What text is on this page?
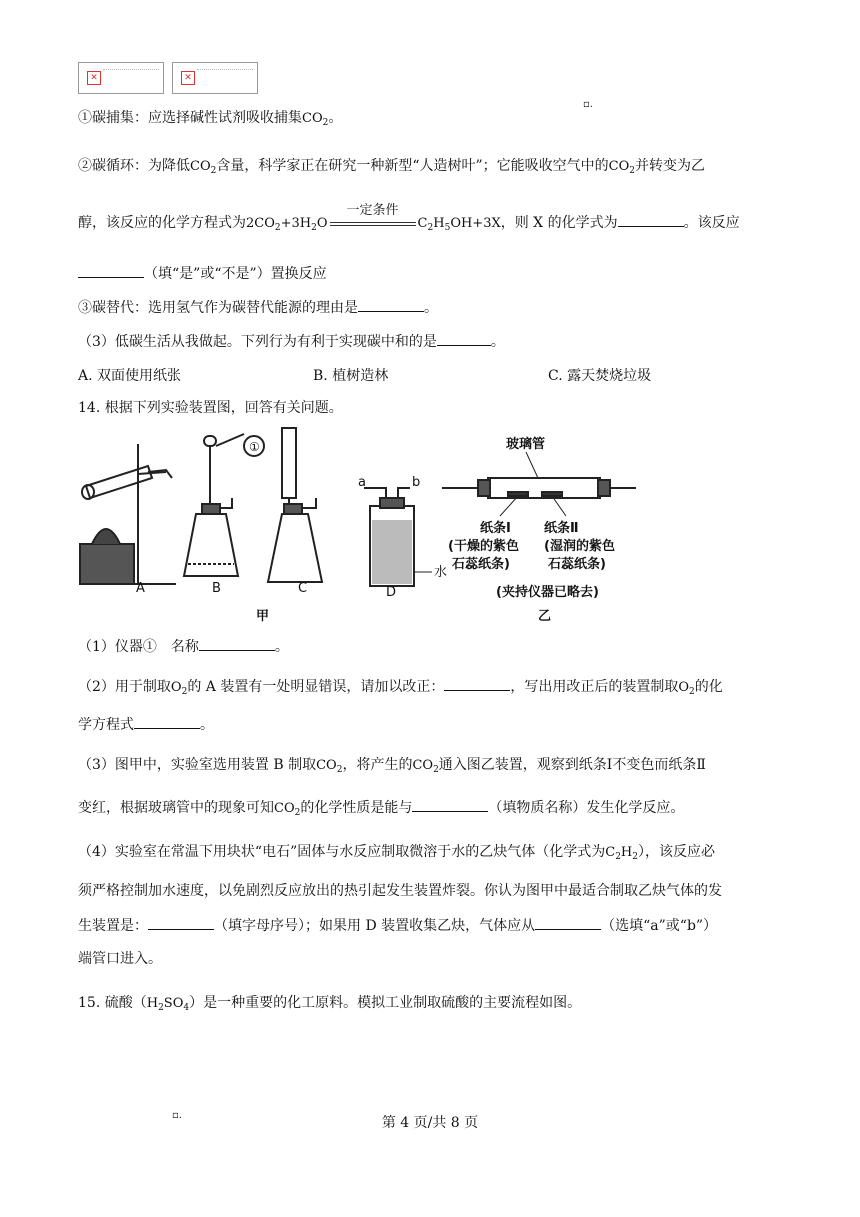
✕	✕
▫.
①碳捕集：应选择碱性试剂吸收捕集$CO_2$。
②碳循环：为降低$CO_2$含量，科学家正在研究一种新型“人造树叶”；它能吸收空气中的$CO_2$并转变为乙
醇，该反应的化学方程式为$2CO_2+3H_2O$
一定条件
$C_2H_5OH+3X$，则 X 的化学式为	。该反应
（填“是”或“不是”）置换反应
③碳替代：选用氢气作为碳替代能源的理由是	。
（3）低碳生活从我做起。下列行为有利于实现碳中和的是	。
A. 双面使用纸张	B. 植树造林	C. 露天焚烧垃圾
14. 根据下列实验装置图，回答有关问题。
A	B	C	D
①
水
a	b
甲	乙
玻璃管
纸条Ⅰ
(干燥的紫色
石蕊纸条)
纸条Ⅱ
(湿润的紫色
石蕊纸条)
(夹持仪器已略去)
（1）仪器①　名称	。
（2）用于制取$O_2$的 A 装置有一处明显错误，请加以改正：	，写出用改正后的装置制取$O_2$的化
学方程式	。
（3）图甲中，实验室选用装置 B 制取$CO_2$，将产生的$CO_2$通入图乙装置，观察到纸条Ⅰ不变色而纸条Ⅱ
变红，根据玻璃管中的现象可知$CO_2$的化学性质是能与	（填物质名称）发生化学反应。
（4）实验室在常温下用块状“电石”固体与水反应制取微溶于水的乙炔气体（化学式为$C_2H_2$），该反应必
须严格控制加水速度，以免剧烈反应放出的热引起发生装置炸裂。你认为图甲中最适合制取乙炔气体的发
生装置是：	（填字母序号）；如果用 D 装置收集乙炔，气体应从	（选填“a”或“b”）
端管口进入。
15. 硫酸$(H_2SO_4)$是一种重要的化工原料。模拟工业制取硫酸的主要流程如图。
▫.	第 4 页/共 8 页
